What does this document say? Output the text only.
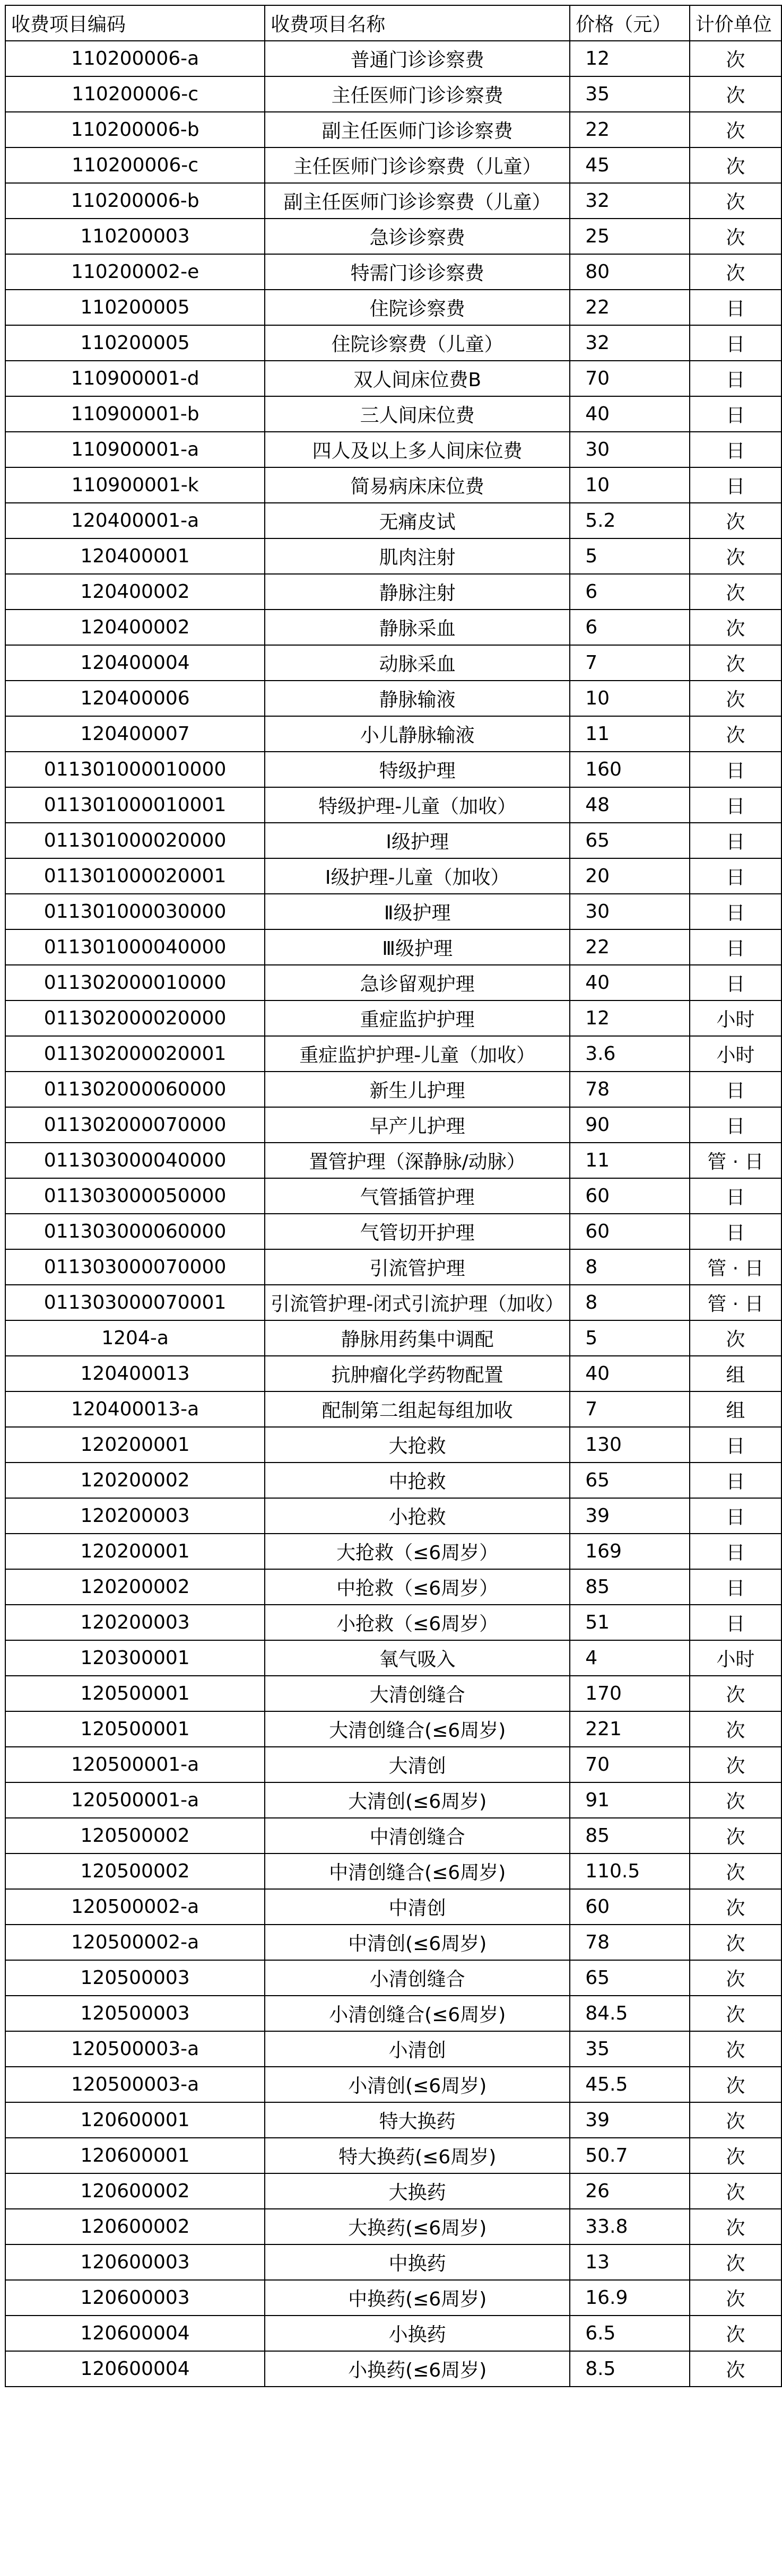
收费项目编码	收费项目名称	价格（元）	计价单位
110200006-a	普通门诊诊察费	12	次
110200006-c	主任医师门诊诊察费	35	次
110200006-b	副主任医师门诊诊察费	22	次
110200006-c	主任医师门诊诊察费（儿童）	45	次
110200006-b	副主任医师门诊诊察费（儿童）	32	次
110200003	急诊诊察费	25	次
110200002-e	特需门诊诊察费	80	次
110200005	住院诊察费	22	日
110200005	住院诊察费（儿童）	32	日
110900001-d	双人间床位费B	70	日
110900001-b	三人间床位费	40	日
110900001-a	四人及以上多人间床位费	30	日
110900001-k	简易病床床位费	10	日
120400001-a	无痛皮试	5.2	次
120400001	肌肉注射	5	次
120400002	静脉注射	6	次
120400002	静脉采血	6	次
120400004	动脉采血	7	次
120400006	静脉输液	10	次
120400007	小儿静脉输液	11	次
011301000010000	特级护理	160	日
011301000010001	特级护理-儿童（加收）	48	日
011301000020000	Ⅰ级护理	65	日
011301000020001	Ⅰ级护理-儿童（加收）	20	日
011301000030000	Ⅱ级护理	30	日
011301000040000	Ⅲ级护理	22	日
011302000010000	急诊留观护理	40	日
011302000020000	重症监护护理	12	小时
011302000020001	重症监护护理-儿童（加收）	3.6	小时
011302000060000	新生儿护理	78	日
011302000070000	早产儿护理	90	日
011303000040000	置管护理（深静脉/动脉）	11	管 · 日
011303000050000	气管插管护理	60	日
011303000060000	气管切开护理	60	日
011303000070000	引流管护理	8	管 · 日
011303000070001	引流管护理-闭式引流护理（加收）	8	管 · 日
1204-a	静脉用药集中调配	5	次
120400013	抗肿瘤化学药物配置	40	组
120400013-a	配制第二组起每组加收	7	组
120200001	大抢救	130	日
120200002	中抢救	65	日
120200003	小抢救	39	日
120200001	大抢救（≤6周岁）	169	日
120200002	中抢救（≤6周岁）	85	日
120200003	小抢救（≤6周岁）	51	日
120300001	氧气吸入	4	小时
120500001	大清创缝合	170	次
120500001	大清创缝合(≤6周岁)	221	次
120500001-a	大清创	70	次
120500001-a	大清创(≤6周岁)	91	次
120500002	中清创缝合	85	次
120500002	中清创缝合(≤6周岁)	110.5	次
120500002-a	中清创	60	次
120500002-a	中清创(≤6周岁)	78	次
120500003	小清创缝合	65	次
120500003	小清创缝合(≤6周岁)	84.5	次
120500003-a	小清创	35	次
120500003-a	小清创(≤6周岁)	45.5	次
120600001	特大换药	39	次
120600001	特大换药(≤6周岁)	50.7	次
120600002	大换药	26	次
120600002	大换药(≤6周岁)	33.8	次
120600003	中换药	13	次
120600003	中换药(≤6周岁)	16.9	次
120600004	小换药	6.5	次
120600004	小换药(≤6周岁)	8.5	次
